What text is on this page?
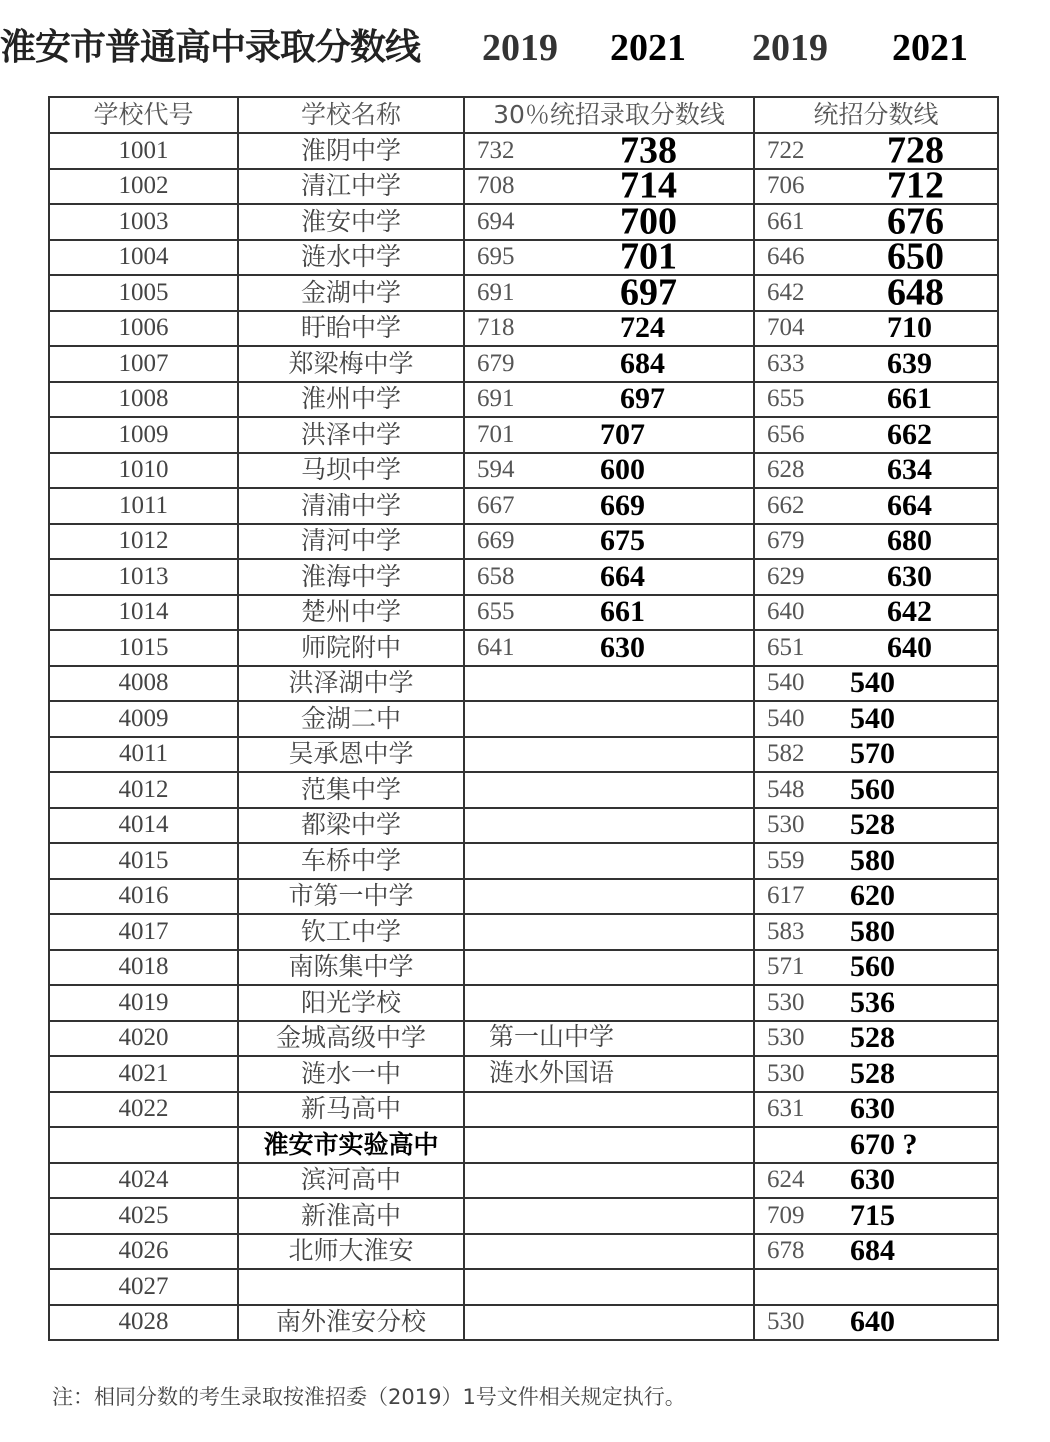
淮安市普通高中录取分数线 2019 2021 2019 2021
学校代号	学校名称	30％统招录取分数线	统招分数线
1001	淮阴中学	732 738	722 728

1002	清江中学	708 714	706 712

1003	淮安中学	694 700	661 676

1004	涟水中学	695 701	646 650

1005	金湖中学	691 697	642 648

1006	盱眙中学	718 724	704 710

1007	郑梁梅中学	679 684	633 639

1008	淮州中学	691 697	655 661

1009	洪泽中学	701 707	656 662

1010	马坝中学	594 600	628 634

1011	清浦中学	667 669	662 664

1012	清河中学	669 675	679 680

1013	淮海中学	658 664	629 630

1014	楚州中学	655 661	640 642

1015	师院附中	641 630	651 640

4008	洪泽湖中学		540 540

4009	金湖二中		540 540

4011	吴承恩中学		582 570

4012	范集中学		548 560

4014	都梁中学		530 528

4015	车桥中学		559 580

4016	市第一中学		617 620

4017	钦工中学		583 580

4018	南陈集中学		571 560

4019	阳光学校		530 536

4020	金城高级中学	第一山中学	530 528

4021	涟水一中	涟水外国语	530 528

4022	新马高中		631 630

	淮安市实验高中		670 ?

4024	滨河高中		624 630

4025	新淮高中		709 715

4026	北师大淮安		678 684

4027			
4028	南外淮安分校		530 640
注：相同分数的考生录取按淮招委（2019）1号文件相关规定执行。
